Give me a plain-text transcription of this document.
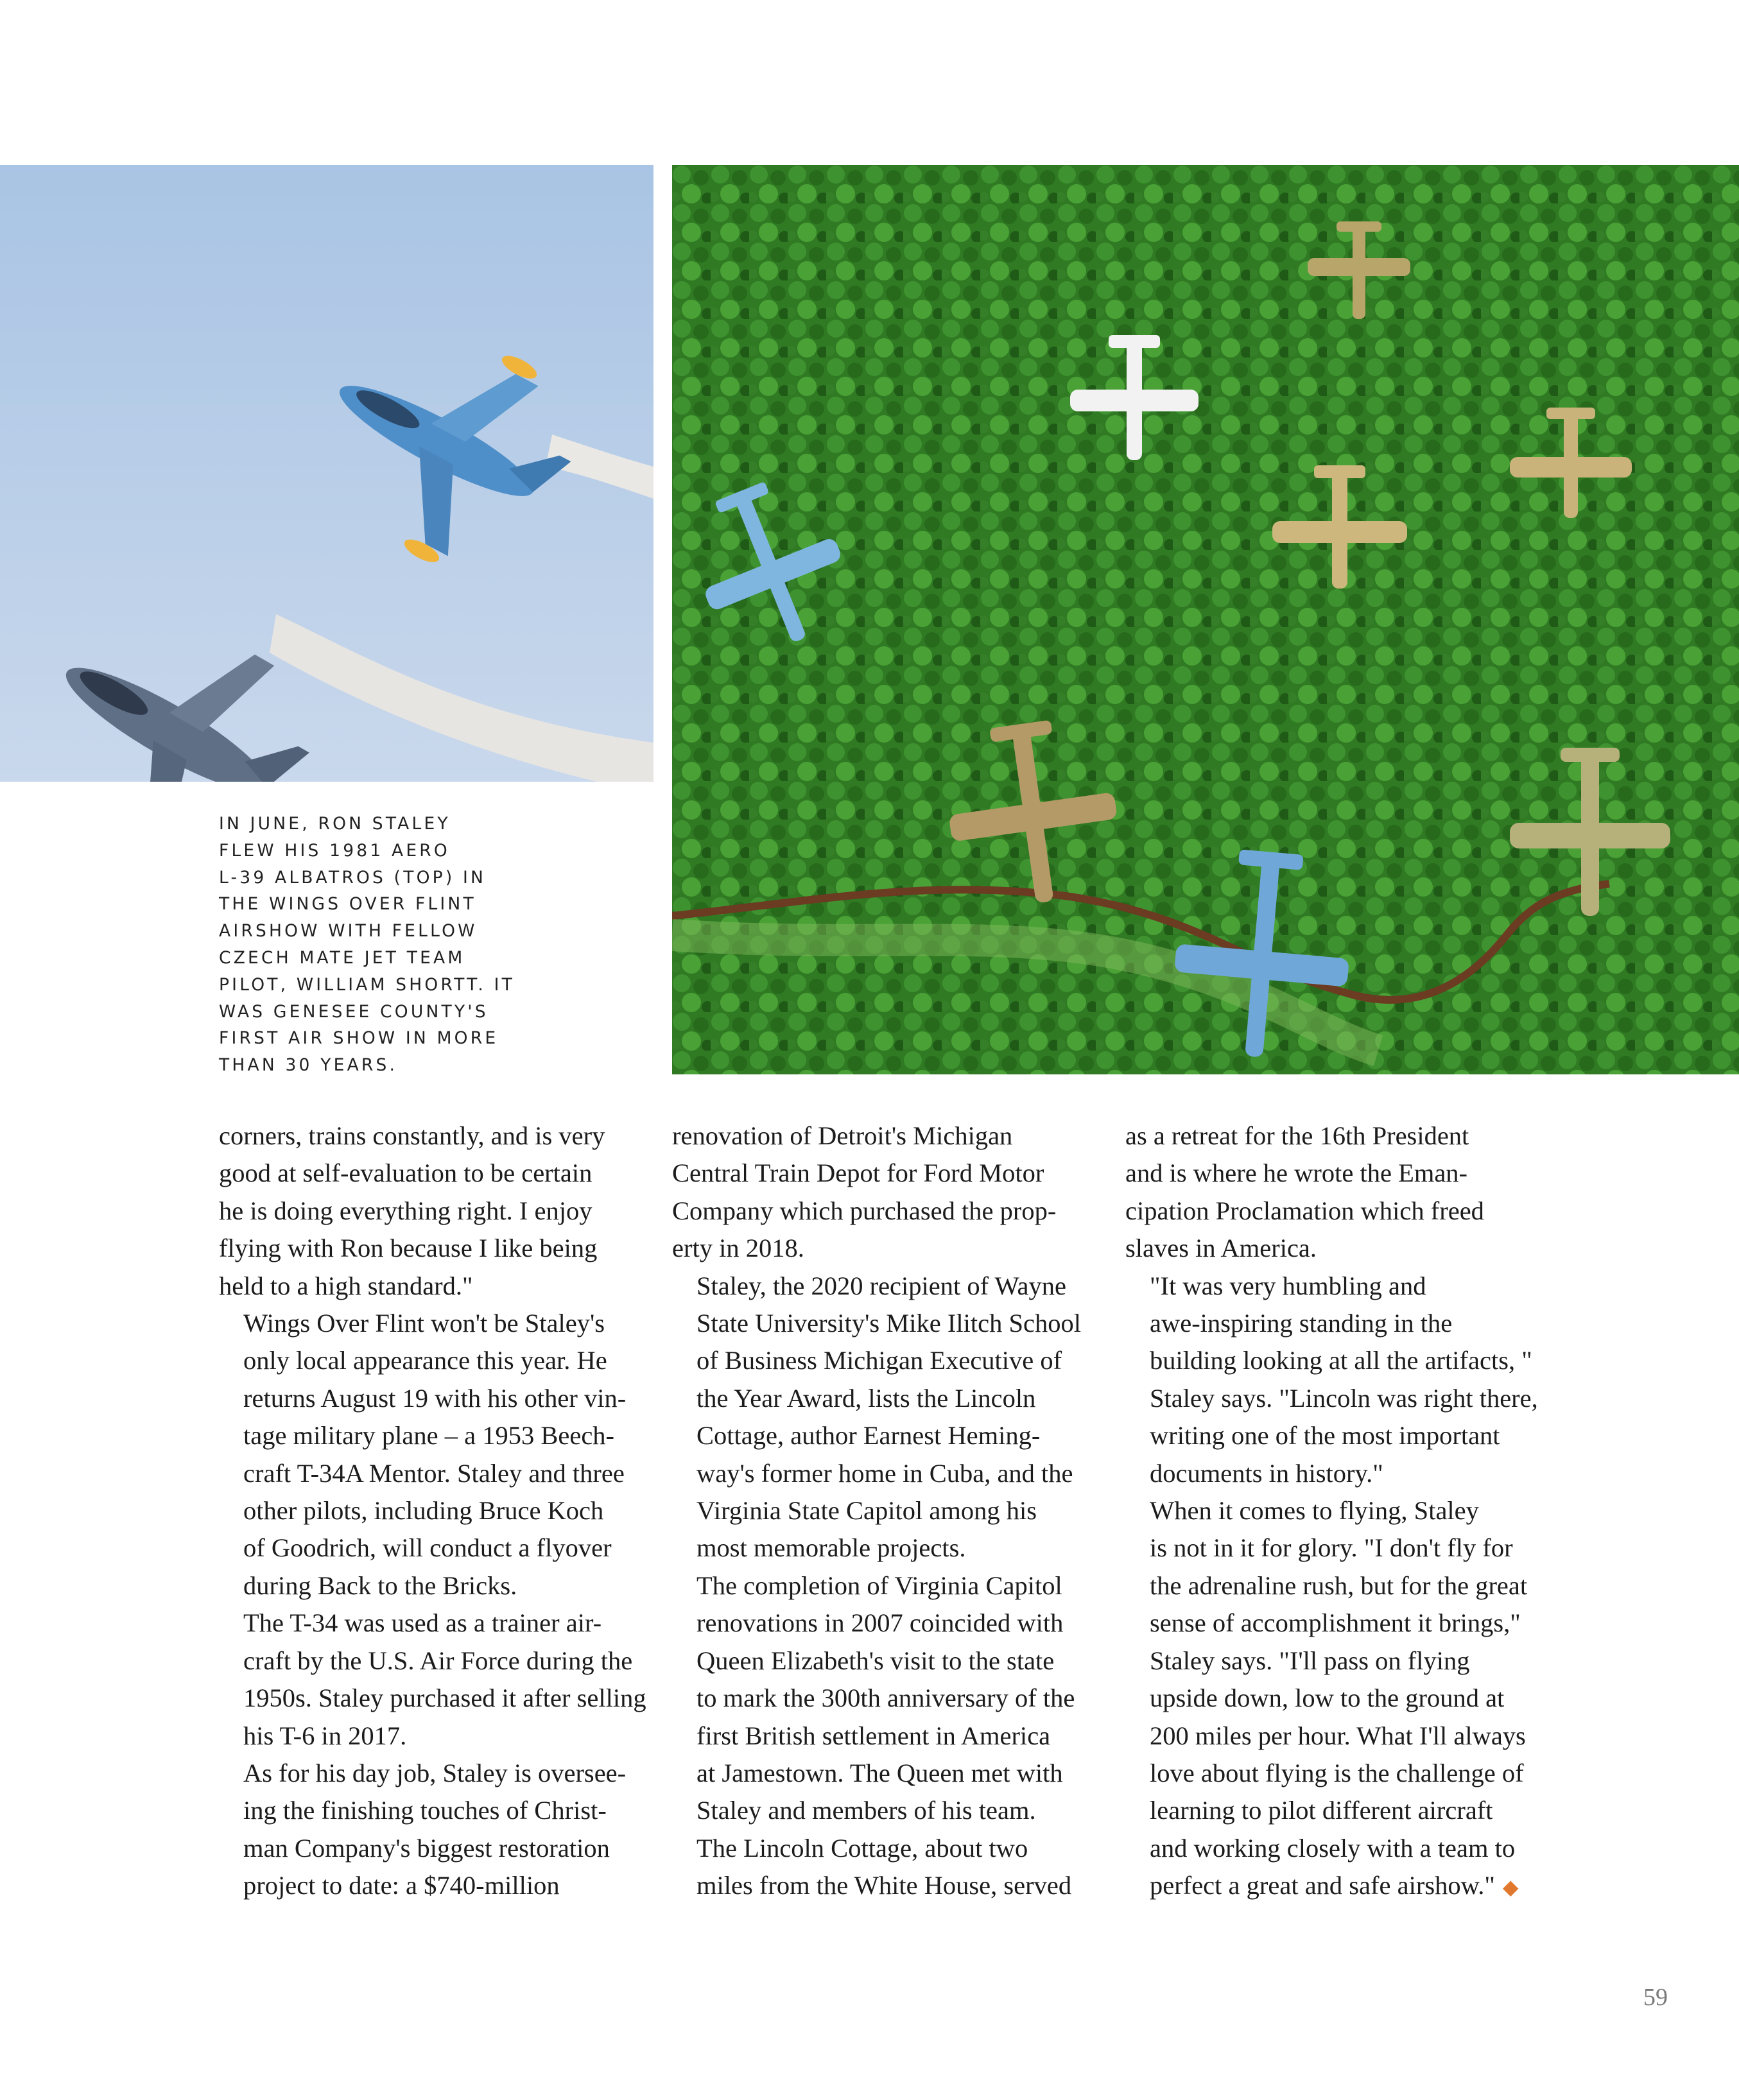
IN JUNE, RON STALEY
FLEW HIS 1981 AERO
L-39 ALBATROS (TOP) IN
THE WINGS OVER FLINT
AIRSHOW WITH FELLOW
CZECH MATE JET TEAM
PILOT, WILLIAM SHORTT. IT
WAS GENESEE COUNTY'S
FIRST AIR SHOW IN MORE
THAN 30 YEARS.

corners, trains constantly, and is very
good at self-evaluation to be certain
he is doing everything right. I enjoy
flying with Ron because I like being
held to a high standard."

Wings Over Flint won't be Staley's
only local appearance this year. He
returns August 19 with his other vin-
tage military plane – a 1953 Beech-
craft T-34A Mentor. Staley and three
other pilots, including Bruce Koch
of Goodrich, will conduct a flyover
during Back to the Bricks.

The T-34 was used as a trainer air-
craft by the U.S. Air Force during the
1950s. Staley purchased it after selling
his T-6 in 2017.

As for his day job, Staley is oversee-
ing the finishing touches of Christ-
man Company's biggest restoration
project to date: a $740-million

renovation of Detroit's Michigan
Central Train Depot for Ford Motor
Company which purchased the prop-
erty in 2018.

Staley, the 2020 recipient of Wayne
State University's Mike Ilitch School
of Business Michigan Executive of
the Year Award, lists the Lincoln
Cottage, author Earnest Heming-
way's former home in Cuba, and the
Virginia State Capitol among his
most memorable projects.

The completion of Virginia Capitol
renovations in 2007 coincided with
Queen Elizabeth's visit to the state
to mark the 300th anniversary of the
first British settlement in America
at Jamestown. The Queen met with
Staley and members of his team.

The Lincoln Cottage, about two
miles from the White House, served

as a retreat for the 16th President
and is where he wrote the Eman-
cipation Proclamation which freed
slaves in America.

"It was very humbling and
awe-inspiring standing in the
building looking at all the artifacts, "
Staley says. "Lincoln was right there,
writing one of the most important
documents in history."

When it comes to flying, Staley
is not in it for glory. "I don't fly for
the adrenaline rush, but for the great
sense of accomplishment it brings,"
Staley says. "I'll pass on flying
upside down, low to the ground at
200 miles per hour. What I'll always
love about flying is the challenge of
learning to pilot different aircraft
and working closely with a team to
perfect a great and safe airshow." ◆

59
